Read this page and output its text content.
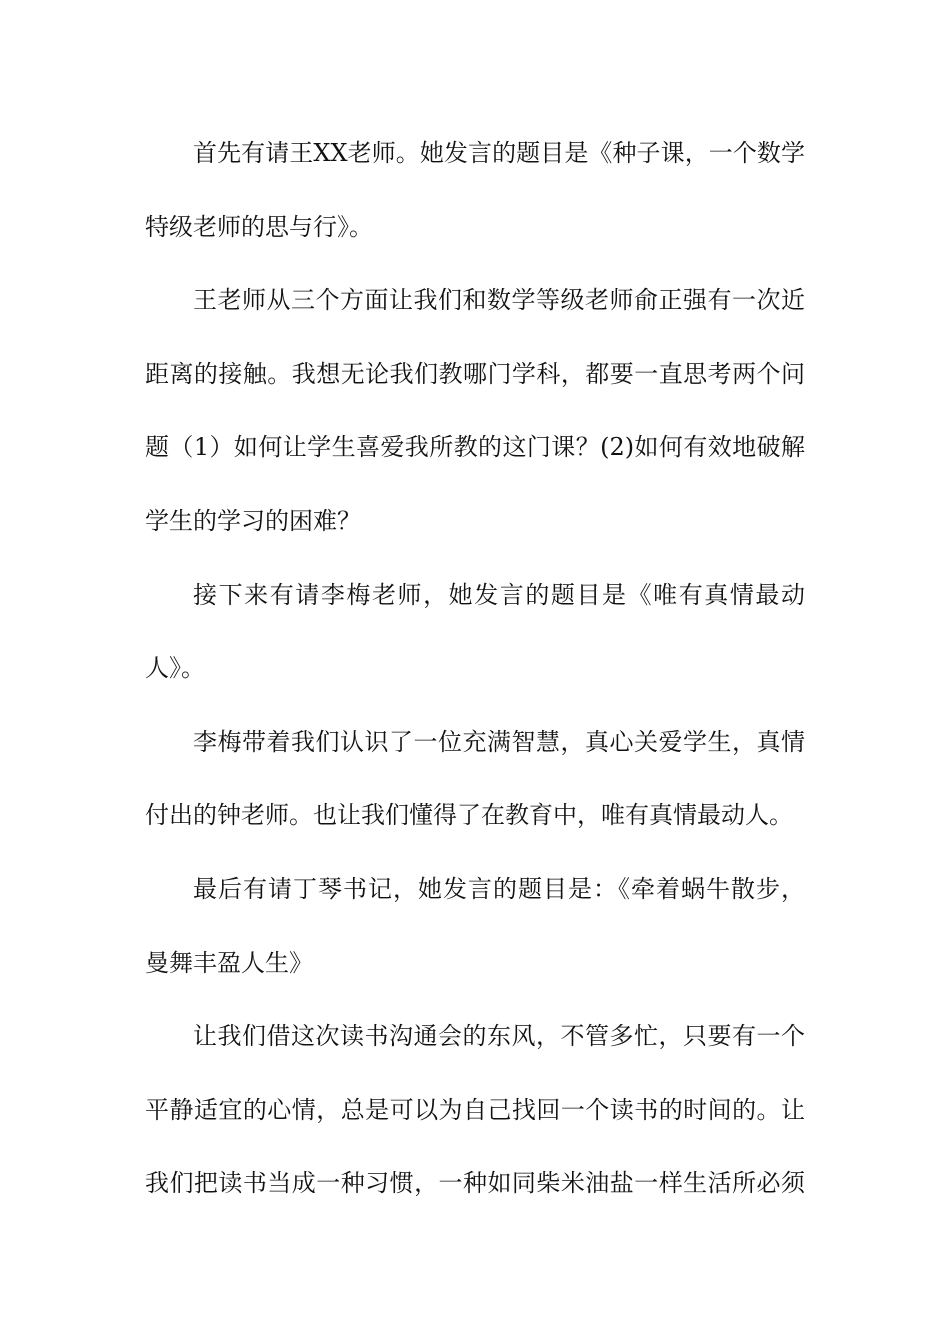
首先有请王XX老师。她发言的题目是《种子课，一个数学
特级老师的思与行》。
王老师从三个方面让我们和数学等级老师俞正强有一次近
距离的接触。我想无论我们教哪门学科，都要一直思考两个问
题（1）如何让学生喜爱我所教的这门课？(2)如何有效地破解
学生的学习的困难？
接下来有请李梅老师，她发言的题目是《唯有真情最动
人》。
李梅带着我们认识了一位充满智慧，真心关爱学生，真情
付出的钟老师。也让我们懂得了在教育中，唯有真情最动人。
最后有请丁琴书记，她发言的题目是：《牵着蜗牛散步，
曼舞丰盈人生》
让我们借这次读书沟通会的东风，不管多忙，只要有一个
平静适宜的心情，总是可以为自己找回一个读书的时间的。让
我们把读书当成一种习惯，一种如同柴米油盐一样生活所必须
